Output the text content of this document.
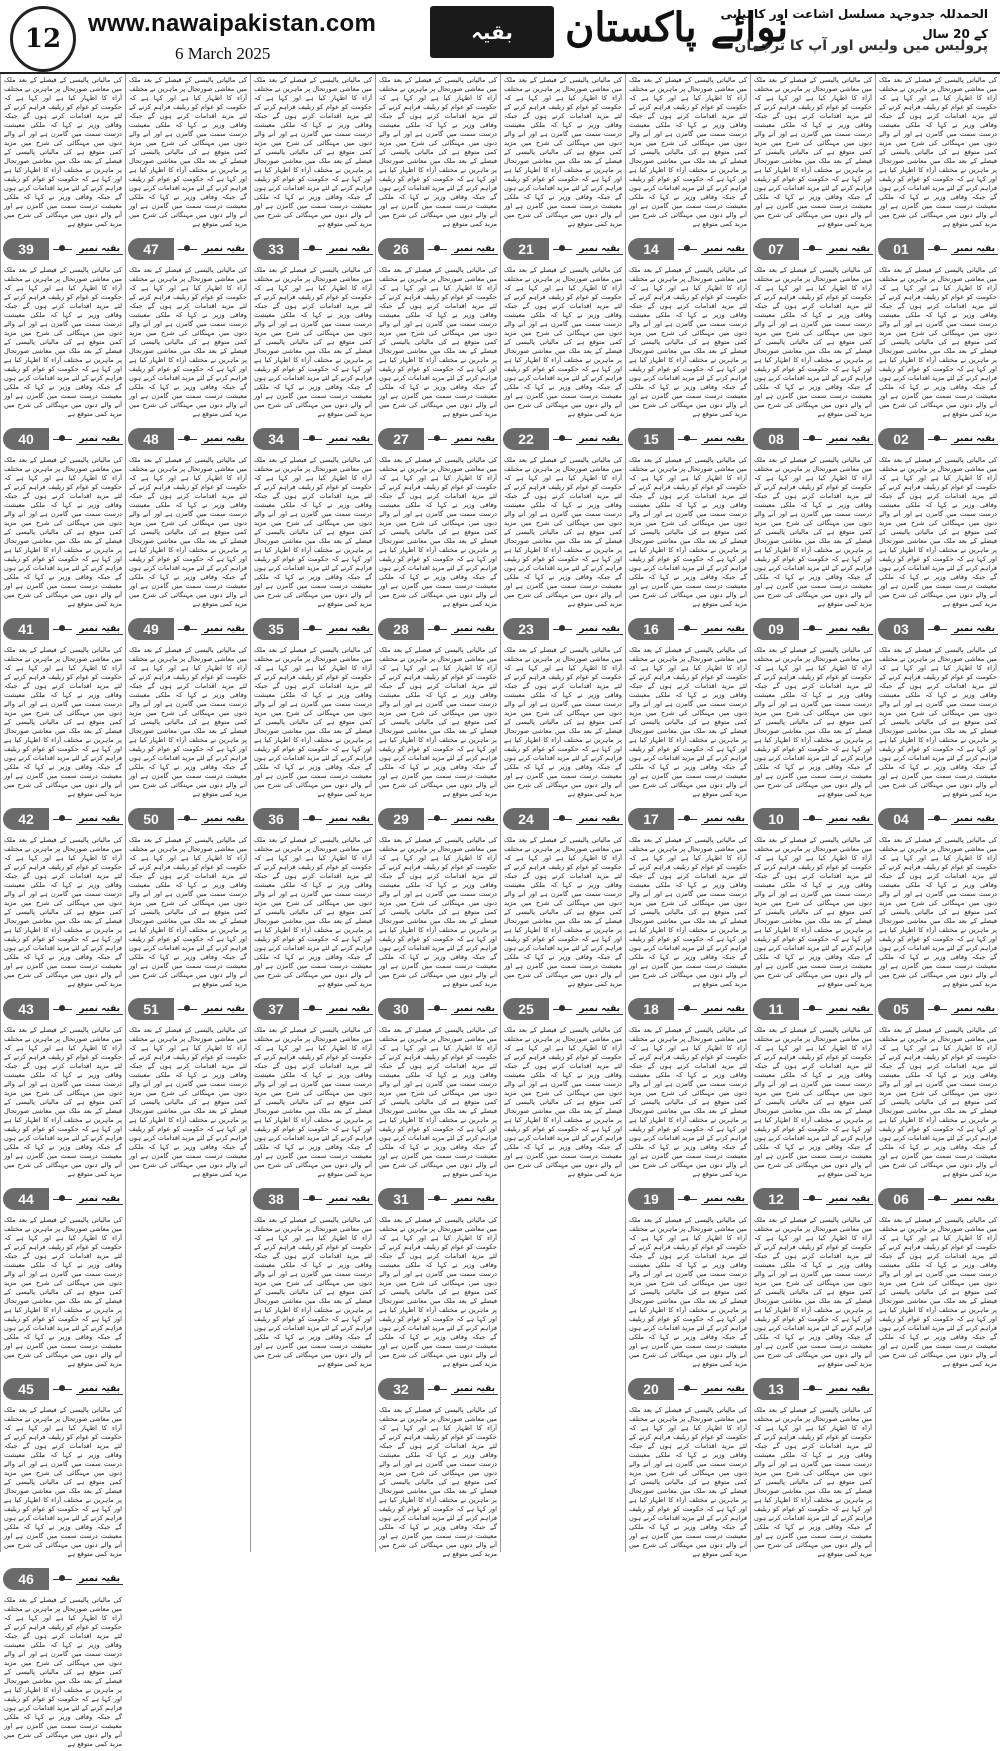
12
www.nawaipakistan.com
6 March 2025
بقیہ	نوائے پاکستان
الحمدللہ جدوجہد مسلسل اشاعت اور کامیابی کے 20 سال
پرولیس میں ولیس اور آپ کا ترجمان
کی مالیاتی پالیسی کے فیصلے کے بعد ملک میں معاشی صورتحال پر ماہرین نے مختلف آراء کا اظہار کیا ہے اور کہا ہے کہ حکومت کو عوام کو ریلیف فراہم کرنے کے لئے مزید اقدامات کرنے ہوں گے جبکہ وفاقی وزیر نے کہا کہ ملکی معیشت درست سمت میں گامزن ہے اور آنے والے دنوں میں مہنگائی کی شرح میں مزید کمی متوقع ہے کی مالیاتی پالیسی کے فیصلے کے بعد ملک میں معاشی صورتحال پر ماہرین نے مختلف آراء کا اظہار کیا ہے اور کہا ہے کہ حکومت کو عوام کو ریلیف فراہم کرنے کے لئے مزید اقدامات کرنے ہوں گے جبکہ وفاقی وزیر نے کہا کہ ملکی معیشت درست سمت میں گامزن ہے اور آنے والے دنوں میں مہنگائی کی شرح میں مزید کمی متوقع ہے
39	بقیہ نمبر
کی مالیاتی پالیسی کے فیصلے کے بعد ملک میں معاشی صورتحال پر ماہرین نے مختلف آراء کا اظہار کیا ہے اور کہا ہے کہ حکومت کو عوام کو ریلیف فراہم کرنے کے لئے مزید اقدامات کرنے ہوں گے جبکہ وفاقی وزیر نے کہا کہ ملکی معیشت درست سمت میں گامزن ہے اور آنے والے دنوں میں مہنگائی کی شرح میں مزید کمی متوقع ہے کی مالیاتی پالیسی کے فیصلے کے بعد ملک میں معاشی صورتحال پر ماہرین نے مختلف آراء کا اظہار کیا ہے اور کہا ہے کہ حکومت کو عوام کو ریلیف فراہم کرنے کے لئے مزید اقدامات کرنے ہوں گے جبکہ وفاقی وزیر نے کہا کہ ملکی معیشت درست سمت میں گامزن ہے اور آنے والے دنوں میں مہنگائی کی شرح میں مزید کمی متوقع ہے
40	بقیہ نمبر
کی مالیاتی پالیسی کے فیصلے کے بعد ملک میں معاشی صورتحال پر ماہرین نے مختلف آراء کا اظہار کیا ہے اور کہا ہے کہ حکومت کو عوام کو ریلیف فراہم کرنے کے لئے مزید اقدامات کرنے ہوں گے جبکہ وفاقی وزیر نے کہا کہ ملکی معیشت درست سمت میں گامزن ہے اور آنے والے دنوں میں مہنگائی کی شرح میں مزید کمی متوقع ہے کی مالیاتی پالیسی کے فیصلے کے بعد ملک میں معاشی صورتحال پر ماہرین نے مختلف آراء کا اظہار کیا ہے اور کہا ہے کہ حکومت کو عوام کو ریلیف فراہم کرنے کے لئے مزید اقدامات کرنے ہوں گے جبکہ وفاقی وزیر نے کہا کہ ملکی معیشت درست سمت میں گامزن ہے اور آنے والے دنوں میں مہنگائی کی شرح میں مزید کمی متوقع ہے
41	بقیہ نمبر
کی مالیاتی پالیسی کے فیصلے کے بعد ملک میں معاشی صورتحال پر ماہرین نے مختلف آراء کا اظہار کیا ہے اور کہا ہے کہ حکومت کو عوام کو ریلیف فراہم کرنے کے لئے مزید اقدامات کرنے ہوں گے جبکہ وفاقی وزیر نے کہا کہ ملکی معیشت درست سمت میں گامزن ہے اور آنے والے دنوں میں مہنگائی کی شرح میں مزید کمی متوقع ہے کی مالیاتی پالیسی کے فیصلے کے بعد ملک میں معاشی صورتحال پر ماہرین نے مختلف آراء کا اظہار کیا ہے اور کہا ہے کہ حکومت کو عوام کو ریلیف فراہم کرنے کے لئے مزید اقدامات کرنے ہوں گے جبکہ وفاقی وزیر نے کہا کہ ملکی معیشت درست سمت میں گامزن ہے اور آنے والے دنوں میں مہنگائی کی شرح میں مزید کمی متوقع ہے
42	بقیہ نمبر
کی مالیاتی پالیسی کے فیصلے کے بعد ملک میں معاشی صورتحال پر ماہرین نے مختلف آراء کا اظہار کیا ہے اور کہا ہے کہ حکومت کو عوام کو ریلیف فراہم کرنے کے لئے مزید اقدامات کرنے ہوں گے جبکہ وفاقی وزیر نے کہا کہ ملکی معیشت درست سمت میں گامزن ہے اور آنے والے دنوں میں مہنگائی کی شرح میں مزید کمی متوقع ہے کی مالیاتی پالیسی کے فیصلے کے بعد ملک میں معاشی صورتحال پر ماہرین نے مختلف آراء کا اظہار کیا ہے اور کہا ہے کہ حکومت کو عوام کو ریلیف فراہم کرنے کے لئے مزید اقدامات کرنے ہوں گے جبکہ وفاقی وزیر نے کہا کہ ملکی معیشت درست سمت میں گامزن ہے اور آنے والے دنوں میں مہنگائی کی شرح میں مزید کمی متوقع ہے
43	بقیہ نمبر
کی مالیاتی پالیسی کے فیصلے کے بعد ملک میں معاشی صورتحال پر ماہرین نے مختلف آراء کا اظہار کیا ہے اور کہا ہے کہ حکومت کو عوام کو ریلیف فراہم کرنے کے لئے مزید اقدامات کرنے ہوں گے جبکہ وفاقی وزیر نے کہا کہ ملکی معیشت درست سمت میں گامزن ہے اور آنے والے دنوں میں مہنگائی کی شرح میں مزید کمی متوقع ہے کی مالیاتی پالیسی کے فیصلے کے بعد ملک میں معاشی صورتحال پر ماہرین نے مختلف آراء کا اظہار کیا ہے اور کہا ہے کہ حکومت کو عوام کو ریلیف فراہم کرنے کے لئے مزید اقدامات کرنے ہوں گے جبکہ وفاقی وزیر نے کہا کہ ملکی معیشت درست سمت میں گامزن ہے اور آنے والے دنوں میں مہنگائی کی شرح میں مزید کمی متوقع ہے
44	بقیہ نمبر
کی مالیاتی پالیسی کے فیصلے کے بعد ملک میں معاشی صورتحال پر ماہرین نے مختلف آراء کا اظہار کیا ہے اور کہا ہے کہ حکومت کو عوام کو ریلیف فراہم کرنے کے لئے مزید اقدامات کرنے ہوں گے جبکہ وفاقی وزیر نے کہا کہ ملکی معیشت درست سمت میں گامزن ہے اور آنے والے دنوں میں مہنگائی کی شرح میں مزید کمی متوقع ہے کی مالیاتی پالیسی کے فیصلے کے بعد ملک میں معاشی صورتحال پر ماہرین نے مختلف آراء کا اظہار کیا ہے اور کہا ہے کہ حکومت کو عوام کو ریلیف فراہم کرنے کے لئے مزید اقدامات کرنے ہوں گے جبکہ وفاقی وزیر نے کہا کہ ملکی معیشت درست سمت میں گامزن ہے اور آنے والے دنوں میں مہنگائی کی شرح میں مزید کمی متوقع ہے
45	بقیہ نمبر
کی مالیاتی پالیسی کے فیصلے کے بعد ملک میں معاشی صورتحال پر ماہرین نے مختلف آراء کا اظہار کیا ہے اور کہا ہے کہ حکومت کو عوام کو ریلیف فراہم کرنے کے لئے مزید اقدامات کرنے ہوں گے جبکہ وفاقی وزیر نے کہا کہ ملکی معیشت درست سمت میں گامزن ہے اور آنے والے دنوں میں مہنگائی کی شرح میں مزید کمی متوقع ہے کی مالیاتی پالیسی کے فیصلے کے بعد ملک میں معاشی صورتحال پر ماہرین نے مختلف آراء کا اظہار کیا ہے اور کہا ہے کہ حکومت کو عوام کو ریلیف فراہم کرنے کے لئے مزید اقدامات کرنے ہوں گے جبکہ وفاقی وزیر نے کہا کہ ملکی معیشت درست سمت میں گامزن ہے اور آنے والے دنوں میں مہنگائی کی شرح میں مزید کمی متوقع ہے
46	بقیہ نمبر
کی مالیاتی پالیسی کے فیصلے کے بعد ملک میں معاشی صورتحال پر ماہرین نے مختلف آراء کا اظہار کیا ہے اور کہا ہے کہ حکومت کو عوام کو ریلیف فراہم کرنے کے لئے مزید اقدامات کرنے ہوں گے جبکہ وفاقی وزیر نے کہا کہ ملکی معیشت درست سمت میں گامزن ہے اور آنے والے دنوں میں مہنگائی کی شرح میں مزید کمی متوقع ہے کی مالیاتی پالیسی کے فیصلے کے بعد ملک میں معاشی صورتحال پر ماہرین نے مختلف آراء کا اظہار کیا ہے اور کہا ہے کہ حکومت کو عوام کو ریلیف فراہم کرنے کے لئے مزید اقدامات کرنے ہوں گے جبکہ وفاقی وزیر نے کہا کہ ملکی معیشت درست سمت میں گامزن ہے اور آنے والے دنوں میں مہنگائی کی شرح میں مزید کمی متوقع ہے
کی مالیاتی پالیسی کے فیصلے کے بعد ملک میں معاشی صورتحال پر ماہرین نے مختلف آراء کا اظہار کیا ہے اور کہا ہے کہ حکومت کو عوام کو ریلیف فراہم کرنے کے لئے مزید اقدامات کرنے ہوں گے جبکہ وفاقی وزیر نے کہا کہ ملکی معیشت درست سمت میں گامزن ہے اور آنے والے دنوں میں مہنگائی کی شرح میں مزید کمی متوقع ہے کی مالیاتی پالیسی کے فیصلے کے بعد ملک میں معاشی صورتحال پر ماہرین نے مختلف آراء کا اظہار کیا ہے اور کہا ہے کہ حکومت کو عوام کو ریلیف فراہم کرنے کے لئے مزید اقدامات کرنے ہوں گے جبکہ وفاقی وزیر نے کہا کہ ملکی معیشت درست سمت میں گامزن ہے اور آنے والے دنوں میں مہنگائی کی شرح میں مزید کمی متوقع ہے
47	بقیہ نمبر
کی مالیاتی پالیسی کے فیصلے کے بعد ملک میں معاشی صورتحال پر ماہرین نے مختلف آراء کا اظہار کیا ہے اور کہا ہے کہ حکومت کو عوام کو ریلیف فراہم کرنے کے لئے مزید اقدامات کرنے ہوں گے جبکہ وفاقی وزیر نے کہا کہ ملکی معیشت درست سمت میں گامزن ہے اور آنے والے دنوں میں مہنگائی کی شرح میں مزید کمی متوقع ہے کی مالیاتی پالیسی کے فیصلے کے بعد ملک میں معاشی صورتحال پر ماہرین نے مختلف آراء کا اظہار کیا ہے اور کہا ہے کہ حکومت کو عوام کو ریلیف فراہم کرنے کے لئے مزید اقدامات کرنے ہوں گے جبکہ وفاقی وزیر نے کہا کہ ملکی معیشت درست سمت میں گامزن ہے اور آنے والے دنوں میں مہنگائی کی شرح میں مزید کمی متوقع ہے
48	بقیہ نمبر
کی مالیاتی پالیسی کے فیصلے کے بعد ملک میں معاشی صورتحال پر ماہرین نے مختلف آراء کا اظہار کیا ہے اور کہا ہے کہ حکومت کو عوام کو ریلیف فراہم کرنے کے لئے مزید اقدامات کرنے ہوں گے جبکہ وفاقی وزیر نے کہا کہ ملکی معیشت درست سمت میں گامزن ہے اور آنے والے دنوں میں مہنگائی کی شرح میں مزید کمی متوقع ہے کی مالیاتی پالیسی کے فیصلے کے بعد ملک میں معاشی صورتحال پر ماہرین نے مختلف آراء کا اظہار کیا ہے اور کہا ہے کہ حکومت کو عوام کو ریلیف فراہم کرنے کے لئے مزید اقدامات کرنے ہوں گے جبکہ وفاقی وزیر نے کہا کہ ملکی معیشت درست سمت میں گامزن ہے اور آنے والے دنوں میں مہنگائی کی شرح میں مزید کمی متوقع ہے
49	بقیہ نمبر
کی مالیاتی پالیسی کے فیصلے کے بعد ملک میں معاشی صورتحال پر ماہرین نے مختلف آراء کا اظہار کیا ہے اور کہا ہے کہ حکومت کو عوام کو ریلیف فراہم کرنے کے لئے مزید اقدامات کرنے ہوں گے جبکہ وفاقی وزیر نے کہا کہ ملکی معیشت درست سمت میں گامزن ہے اور آنے والے دنوں میں مہنگائی کی شرح میں مزید کمی متوقع ہے کی مالیاتی پالیسی کے فیصلے کے بعد ملک میں معاشی صورتحال پر ماہرین نے مختلف آراء کا اظہار کیا ہے اور کہا ہے کہ حکومت کو عوام کو ریلیف فراہم کرنے کے لئے مزید اقدامات کرنے ہوں گے جبکہ وفاقی وزیر نے کہا کہ ملکی معیشت درست سمت میں گامزن ہے اور آنے والے دنوں میں مہنگائی کی شرح میں مزید کمی متوقع ہے
50	بقیہ نمبر
کی مالیاتی پالیسی کے فیصلے کے بعد ملک میں معاشی صورتحال پر ماہرین نے مختلف آراء کا اظہار کیا ہے اور کہا ہے کہ حکومت کو عوام کو ریلیف فراہم کرنے کے لئے مزید اقدامات کرنے ہوں گے جبکہ وفاقی وزیر نے کہا کہ ملکی معیشت درست سمت میں گامزن ہے اور آنے والے دنوں میں مہنگائی کی شرح میں مزید کمی متوقع ہے کی مالیاتی پالیسی کے فیصلے کے بعد ملک میں معاشی صورتحال پر ماہرین نے مختلف آراء کا اظہار کیا ہے اور کہا ہے کہ حکومت کو عوام کو ریلیف فراہم کرنے کے لئے مزید اقدامات کرنے ہوں گے جبکہ وفاقی وزیر نے کہا کہ ملکی معیشت درست سمت میں گامزن ہے اور آنے والے دنوں میں مہنگائی کی شرح میں مزید کمی متوقع ہے
51	بقیہ نمبر
کی مالیاتی پالیسی کے فیصلے کے بعد ملک میں معاشی صورتحال پر ماہرین نے مختلف آراء کا اظہار کیا ہے اور کہا ہے کہ حکومت کو عوام کو ریلیف فراہم کرنے کے لئے مزید اقدامات کرنے ہوں گے جبکہ وفاقی وزیر نے کہا کہ ملکی معیشت درست سمت میں گامزن ہے اور آنے والے دنوں میں مہنگائی کی شرح میں مزید کمی متوقع ہے کی مالیاتی پالیسی کے فیصلے کے بعد ملک میں معاشی صورتحال پر ماہرین نے مختلف آراء کا اظہار کیا ہے اور کہا ہے کہ حکومت کو عوام کو ریلیف فراہم کرنے کے لئے مزید اقدامات کرنے ہوں گے جبکہ وفاقی وزیر نے کہا کہ ملکی معیشت درست سمت میں گامزن ہے اور آنے والے دنوں میں مہنگائی کی شرح میں مزید کمی متوقع ہے
کی مالیاتی پالیسی کے فیصلے کے بعد ملک میں معاشی صورتحال پر ماہرین نے مختلف آراء کا اظہار کیا ہے اور کہا ہے کہ حکومت کو عوام کو ریلیف فراہم کرنے کے لئے مزید اقدامات کرنے ہوں گے جبکہ وفاقی وزیر نے کہا کہ ملکی معیشت درست سمت میں گامزن ہے اور آنے والے دنوں میں مہنگائی کی شرح میں مزید کمی متوقع ہے کی مالیاتی پالیسی کے فیصلے کے بعد ملک میں معاشی صورتحال پر ماہرین نے مختلف آراء کا اظہار کیا ہے اور کہا ہے کہ حکومت کو عوام کو ریلیف فراہم کرنے کے لئے مزید اقدامات کرنے ہوں گے جبکہ وفاقی وزیر نے کہا کہ ملکی معیشت درست سمت میں گامزن ہے اور آنے والے دنوں میں مہنگائی کی شرح میں مزید کمی متوقع ہے
33	بقیہ نمبر
کی مالیاتی پالیسی کے فیصلے کے بعد ملک میں معاشی صورتحال پر ماہرین نے مختلف آراء کا اظہار کیا ہے اور کہا ہے کہ حکومت کو عوام کو ریلیف فراہم کرنے کے لئے مزید اقدامات کرنے ہوں گے جبکہ وفاقی وزیر نے کہا کہ ملکی معیشت درست سمت میں گامزن ہے اور آنے والے دنوں میں مہنگائی کی شرح میں مزید کمی متوقع ہے کی مالیاتی پالیسی کے فیصلے کے بعد ملک میں معاشی صورتحال پر ماہرین نے مختلف آراء کا اظہار کیا ہے اور کہا ہے کہ حکومت کو عوام کو ریلیف فراہم کرنے کے لئے مزید اقدامات کرنے ہوں گے جبکہ وفاقی وزیر نے کہا کہ ملکی معیشت درست سمت میں گامزن ہے اور آنے والے دنوں میں مہنگائی کی شرح میں مزید کمی متوقع ہے
34	بقیہ نمبر
کی مالیاتی پالیسی کے فیصلے کے بعد ملک میں معاشی صورتحال پر ماہرین نے مختلف آراء کا اظہار کیا ہے اور کہا ہے کہ حکومت کو عوام کو ریلیف فراہم کرنے کے لئے مزید اقدامات کرنے ہوں گے جبکہ وفاقی وزیر نے کہا کہ ملکی معیشت درست سمت میں گامزن ہے اور آنے والے دنوں میں مہنگائی کی شرح میں مزید کمی متوقع ہے کی مالیاتی پالیسی کے فیصلے کے بعد ملک میں معاشی صورتحال پر ماہرین نے مختلف آراء کا اظہار کیا ہے اور کہا ہے کہ حکومت کو عوام کو ریلیف فراہم کرنے کے لئے مزید اقدامات کرنے ہوں گے جبکہ وفاقی وزیر نے کہا کہ ملکی معیشت درست سمت میں گامزن ہے اور آنے والے دنوں میں مہنگائی کی شرح میں مزید کمی متوقع ہے
35	بقیہ نمبر
کی مالیاتی پالیسی کے فیصلے کے بعد ملک میں معاشی صورتحال پر ماہرین نے مختلف آراء کا اظہار کیا ہے اور کہا ہے کہ حکومت کو عوام کو ریلیف فراہم کرنے کے لئے مزید اقدامات کرنے ہوں گے جبکہ وفاقی وزیر نے کہا کہ ملکی معیشت درست سمت میں گامزن ہے اور آنے والے دنوں میں مہنگائی کی شرح میں مزید کمی متوقع ہے کی مالیاتی پالیسی کے فیصلے کے بعد ملک میں معاشی صورتحال پر ماہرین نے مختلف آراء کا اظہار کیا ہے اور کہا ہے کہ حکومت کو عوام کو ریلیف فراہم کرنے کے لئے مزید اقدامات کرنے ہوں گے جبکہ وفاقی وزیر نے کہا کہ ملکی معیشت درست سمت میں گامزن ہے اور آنے والے دنوں میں مہنگائی کی شرح میں مزید کمی متوقع ہے
36	بقیہ نمبر
کی مالیاتی پالیسی کے فیصلے کے بعد ملک میں معاشی صورتحال پر ماہرین نے مختلف آراء کا اظہار کیا ہے اور کہا ہے کہ حکومت کو عوام کو ریلیف فراہم کرنے کے لئے مزید اقدامات کرنے ہوں گے جبکہ وفاقی وزیر نے کہا کہ ملکی معیشت درست سمت میں گامزن ہے اور آنے والے دنوں میں مہنگائی کی شرح میں مزید کمی متوقع ہے کی مالیاتی پالیسی کے فیصلے کے بعد ملک میں معاشی صورتحال پر ماہرین نے مختلف آراء کا اظہار کیا ہے اور کہا ہے کہ حکومت کو عوام کو ریلیف فراہم کرنے کے لئے مزید اقدامات کرنے ہوں گے جبکہ وفاقی وزیر نے کہا کہ ملکی معیشت درست سمت میں گامزن ہے اور آنے والے دنوں میں مہنگائی کی شرح میں مزید کمی متوقع ہے
37	بقیہ نمبر
کی مالیاتی پالیسی کے فیصلے کے بعد ملک میں معاشی صورتحال پر ماہرین نے مختلف آراء کا اظہار کیا ہے اور کہا ہے کہ حکومت کو عوام کو ریلیف فراہم کرنے کے لئے مزید اقدامات کرنے ہوں گے جبکہ وفاقی وزیر نے کہا کہ ملکی معیشت درست سمت میں گامزن ہے اور آنے والے دنوں میں مہنگائی کی شرح میں مزید کمی متوقع ہے کی مالیاتی پالیسی کے فیصلے کے بعد ملک میں معاشی صورتحال پر ماہرین نے مختلف آراء کا اظہار کیا ہے اور کہا ہے کہ حکومت کو عوام کو ریلیف فراہم کرنے کے لئے مزید اقدامات کرنے ہوں گے جبکہ وفاقی وزیر نے کہا کہ ملکی معیشت درست سمت میں گامزن ہے اور آنے والے دنوں میں مہنگائی کی شرح میں مزید کمی متوقع ہے
38	بقیہ نمبر
کی مالیاتی پالیسی کے فیصلے کے بعد ملک میں معاشی صورتحال پر ماہرین نے مختلف آراء کا اظہار کیا ہے اور کہا ہے کہ حکومت کو عوام کو ریلیف فراہم کرنے کے لئے مزید اقدامات کرنے ہوں گے جبکہ وفاقی وزیر نے کہا کہ ملکی معیشت درست سمت میں گامزن ہے اور آنے والے دنوں میں مہنگائی کی شرح میں مزید کمی متوقع ہے کی مالیاتی پالیسی کے فیصلے کے بعد ملک میں معاشی صورتحال پر ماہرین نے مختلف آراء کا اظہار کیا ہے اور کہا ہے کہ حکومت کو عوام کو ریلیف فراہم کرنے کے لئے مزید اقدامات کرنے ہوں گے جبکہ وفاقی وزیر نے کہا کہ ملکی معیشت درست سمت میں گامزن ہے اور آنے والے دنوں میں مہنگائی کی شرح میں مزید کمی متوقع ہے
کی مالیاتی پالیسی کے فیصلے کے بعد ملک میں معاشی صورتحال پر ماہرین نے مختلف آراء کا اظہار کیا ہے اور کہا ہے کہ حکومت کو عوام کو ریلیف فراہم کرنے کے لئے مزید اقدامات کرنے ہوں گے جبکہ وفاقی وزیر نے کہا کہ ملکی معیشت درست سمت میں گامزن ہے اور آنے والے دنوں میں مہنگائی کی شرح میں مزید کمی متوقع ہے کی مالیاتی پالیسی کے فیصلے کے بعد ملک میں معاشی صورتحال پر ماہرین نے مختلف آراء کا اظہار کیا ہے اور کہا ہے کہ حکومت کو عوام کو ریلیف فراہم کرنے کے لئے مزید اقدامات کرنے ہوں گے جبکہ وفاقی وزیر نے کہا کہ ملکی معیشت درست سمت میں گامزن ہے اور آنے والے دنوں میں مہنگائی کی شرح میں مزید کمی متوقع ہے
26	بقیہ نمبر
کی مالیاتی پالیسی کے فیصلے کے بعد ملک میں معاشی صورتحال پر ماہرین نے مختلف آراء کا اظہار کیا ہے اور کہا ہے کہ حکومت کو عوام کو ریلیف فراہم کرنے کے لئے مزید اقدامات کرنے ہوں گے جبکہ وفاقی وزیر نے کہا کہ ملکی معیشت درست سمت میں گامزن ہے اور آنے والے دنوں میں مہنگائی کی شرح میں مزید کمی متوقع ہے کی مالیاتی پالیسی کے فیصلے کے بعد ملک میں معاشی صورتحال پر ماہرین نے مختلف آراء کا اظہار کیا ہے اور کہا ہے کہ حکومت کو عوام کو ریلیف فراہم کرنے کے لئے مزید اقدامات کرنے ہوں گے جبکہ وفاقی وزیر نے کہا کہ ملکی معیشت درست سمت میں گامزن ہے اور آنے والے دنوں میں مہنگائی کی شرح میں مزید کمی متوقع ہے
27	بقیہ نمبر
کی مالیاتی پالیسی کے فیصلے کے بعد ملک میں معاشی صورتحال پر ماہرین نے مختلف آراء کا اظہار کیا ہے اور کہا ہے کہ حکومت کو عوام کو ریلیف فراہم کرنے کے لئے مزید اقدامات کرنے ہوں گے جبکہ وفاقی وزیر نے کہا کہ ملکی معیشت درست سمت میں گامزن ہے اور آنے والے دنوں میں مہنگائی کی شرح میں مزید کمی متوقع ہے کی مالیاتی پالیسی کے فیصلے کے بعد ملک میں معاشی صورتحال پر ماہرین نے مختلف آراء کا اظہار کیا ہے اور کہا ہے کہ حکومت کو عوام کو ریلیف فراہم کرنے کے لئے مزید اقدامات کرنے ہوں گے جبکہ وفاقی وزیر نے کہا کہ ملکی معیشت درست سمت میں گامزن ہے اور آنے والے دنوں میں مہنگائی کی شرح میں مزید کمی متوقع ہے
28	بقیہ نمبر
کی مالیاتی پالیسی کے فیصلے کے بعد ملک میں معاشی صورتحال پر ماہرین نے مختلف آراء کا اظہار کیا ہے اور کہا ہے کہ حکومت کو عوام کو ریلیف فراہم کرنے کے لئے مزید اقدامات کرنے ہوں گے جبکہ وفاقی وزیر نے کہا کہ ملکی معیشت درست سمت میں گامزن ہے اور آنے والے دنوں میں مہنگائی کی شرح میں مزید کمی متوقع ہے کی مالیاتی پالیسی کے فیصلے کے بعد ملک میں معاشی صورتحال پر ماہرین نے مختلف آراء کا اظہار کیا ہے اور کہا ہے کہ حکومت کو عوام کو ریلیف فراہم کرنے کے لئے مزید اقدامات کرنے ہوں گے جبکہ وفاقی وزیر نے کہا کہ ملکی معیشت درست سمت میں گامزن ہے اور آنے والے دنوں میں مہنگائی کی شرح میں مزید کمی متوقع ہے
29	بقیہ نمبر
کی مالیاتی پالیسی کے فیصلے کے بعد ملک میں معاشی صورتحال پر ماہرین نے مختلف آراء کا اظہار کیا ہے اور کہا ہے کہ حکومت کو عوام کو ریلیف فراہم کرنے کے لئے مزید اقدامات کرنے ہوں گے جبکہ وفاقی وزیر نے کہا کہ ملکی معیشت درست سمت میں گامزن ہے اور آنے والے دنوں میں مہنگائی کی شرح میں مزید کمی متوقع ہے کی مالیاتی پالیسی کے فیصلے کے بعد ملک میں معاشی صورتحال پر ماہرین نے مختلف آراء کا اظہار کیا ہے اور کہا ہے کہ حکومت کو عوام کو ریلیف فراہم کرنے کے لئے مزید اقدامات کرنے ہوں گے جبکہ وفاقی وزیر نے کہا کہ ملکی معیشت درست سمت میں گامزن ہے اور آنے والے دنوں میں مہنگائی کی شرح میں مزید کمی متوقع ہے
30	بقیہ نمبر
کی مالیاتی پالیسی کے فیصلے کے بعد ملک میں معاشی صورتحال پر ماہرین نے مختلف آراء کا اظہار کیا ہے اور کہا ہے کہ حکومت کو عوام کو ریلیف فراہم کرنے کے لئے مزید اقدامات کرنے ہوں گے جبکہ وفاقی وزیر نے کہا کہ ملکی معیشت درست سمت میں گامزن ہے اور آنے والے دنوں میں مہنگائی کی شرح میں مزید کمی متوقع ہے کی مالیاتی پالیسی کے فیصلے کے بعد ملک میں معاشی صورتحال پر ماہرین نے مختلف آراء کا اظہار کیا ہے اور کہا ہے کہ حکومت کو عوام کو ریلیف فراہم کرنے کے لئے مزید اقدامات کرنے ہوں گے جبکہ وفاقی وزیر نے کہا کہ ملکی معیشت درست سمت میں گامزن ہے اور آنے والے دنوں میں مہنگائی کی شرح میں مزید کمی متوقع ہے
31	بقیہ نمبر
کی مالیاتی پالیسی کے فیصلے کے بعد ملک میں معاشی صورتحال پر ماہرین نے مختلف آراء کا اظہار کیا ہے اور کہا ہے کہ حکومت کو عوام کو ریلیف فراہم کرنے کے لئے مزید اقدامات کرنے ہوں گے جبکہ وفاقی وزیر نے کہا کہ ملکی معیشت درست سمت میں گامزن ہے اور آنے والے دنوں میں مہنگائی کی شرح میں مزید کمی متوقع ہے کی مالیاتی پالیسی کے فیصلے کے بعد ملک میں معاشی صورتحال پر ماہرین نے مختلف آراء کا اظہار کیا ہے اور کہا ہے کہ حکومت کو عوام کو ریلیف فراہم کرنے کے لئے مزید اقدامات کرنے ہوں گے جبکہ وفاقی وزیر نے کہا کہ ملکی معیشت درست سمت میں گامزن ہے اور آنے والے دنوں میں مہنگائی کی شرح میں مزید کمی متوقع ہے
32	بقیہ نمبر
کی مالیاتی پالیسی کے فیصلے کے بعد ملک میں معاشی صورتحال پر ماہرین نے مختلف آراء کا اظہار کیا ہے اور کہا ہے کہ حکومت کو عوام کو ریلیف فراہم کرنے کے لئے مزید اقدامات کرنے ہوں گے جبکہ وفاقی وزیر نے کہا کہ ملکی معیشت درست سمت میں گامزن ہے اور آنے والے دنوں میں مہنگائی کی شرح میں مزید کمی متوقع ہے کی مالیاتی پالیسی کے فیصلے کے بعد ملک میں معاشی صورتحال پر ماہرین نے مختلف آراء کا اظہار کیا ہے اور کہا ہے کہ حکومت کو عوام کو ریلیف فراہم کرنے کے لئے مزید اقدامات کرنے ہوں گے جبکہ وفاقی وزیر نے کہا کہ ملکی معیشت درست سمت میں گامزن ہے اور آنے والے دنوں میں مہنگائی کی شرح میں مزید کمی متوقع ہے
کی مالیاتی پالیسی کے فیصلے کے بعد ملک میں معاشی صورتحال پر ماہرین نے مختلف آراء کا اظہار کیا ہے اور کہا ہے کہ حکومت کو عوام کو ریلیف فراہم کرنے کے لئے مزید اقدامات کرنے ہوں گے جبکہ وفاقی وزیر نے کہا کہ ملکی معیشت درست سمت میں گامزن ہے اور آنے والے دنوں میں مہنگائی کی شرح میں مزید کمی متوقع ہے کی مالیاتی پالیسی کے فیصلے کے بعد ملک میں معاشی صورتحال پر ماہرین نے مختلف آراء کا اظہار کیا ہے اور کہا ہے کہ حکومت کو عوام کو ریلیف فراہم کرنے کے لئے مزید اقدامات کرنے ہوں گے جبکہ وفاقی وزیر نے کہا کہ ملکی معیشت درست سمت میں گامزن ہے اور آنے والے دنوں میں مہنگائی کی شرح میں مزید کمی متوقع ہے
21	بقیہ نمبر
کی مالیاتی پالیسی کے فیصلے کے بعد ملک میں معاشی صورتحال پر ماہرین نے مختلف آراء کا اظہار کیا ہے اور کہا ہے کہ حکومت کو عوام کو ریلیف فراہم کرنے کے لئے مزید اقدامات کرنے ہوں گے جبکہ وفاقی وزیر نے کہا کہ ملکی معیشت درست سمت میں گامزن ہے اور آنے والے دنوں میں مہنگائی کی شرح میں مزید کمی متوقع ہے کی مالیاتی پالیسی کے فیصلے کے بعد ملک میں معاشی صورتحال پر ماہرین نے مختلف آراء کا اظہار کیا ہے اور کہا ہے کہ حکومت کو عوام کو ریلیف فراہم کرنے کے لئے مزید اقدامات کرنے ہوں گے جبکہ وفاقی وزیر نے کہا کہ ملکی معیشت درست سمت میں گامزن ہے اور آنے والے دنوں میں مہنگائی کی شرح میں مزید کمی متوقع ہے
22	بقیہ نمبر
کی مالیاتی پالیسی کے فیصلے کے بعد ملک میں معاشی صورتحال پر ماہرین نے مختلف آراء کا اظہار کیا ہے اور کہا ہے کہ حکومت کو عوام کو ریلیف فراہم کرنے کے لئے مزید اقدامات کرنے ہوں گے جبکہ وفاقی وزیر نے کہا کہ ملکی معیشت درست سمت میں گامزن ہے اور آنے والے دنوں میں مہنگائی کی شرح میں مزید کمی متوقع ہے کی مالیاتی پالیسی کے فیصلے کے بعد ملک میں معاشی صورتحال پر ماہرین نے مختلف آراء کا اظہار کیا ہے اور کہا ہے کہ حکومت کو عوام کو ریلیف فراہم کرنے کے لئے مزید اقدامات کرنے ہوں گے جبکہ وفاقی وزیر نے کہا کہ ملکی معیشت درست سمت میں گامزن ہے اور آنے والے دنوں میں مہنگائی کی شرح میں مزید کمی متوقع ہے
23	بقیہ نمبر
کی مالیاتی پالیسی کے فیصلے کے بعد ملک میں معاشی صورتحال پر ماہرین نے مختلف آراء کا اظہار کیا ہے اور کہا ہے کہ حکومت کو عوام کو ریلیف فراہم کرنے کے لئے مزید اقدامات کرنے ہوں گے جبکہ وفاقی وزیر نے کہا کہ ملکی معیشت درست سمت میں گامزن ہے اور آنے والے دنوں میں مہنگائی کی شرح میں مزید کمی متوقع ہے کی مالیاتی پالیسی کے فیصلے کے بعد ملک میں معاشی صورتحال پر ماہرین نے مختلف آراء کا اظہار کیا ہے اور کہا ہے کہ حکومت کو عوام کو ریلیف فراہم کرنے کے لئے مزید اقدامات کرنے ہوں گے جبکہ وفاقی وزیر نے کہا کہ ملکی معیشت درست سمت میں گامزن ہے اور آنے والے دنوں میں مہنگائی کی شرح میں مزید کمی متوقع ہے
24	بقیہ نمبر
کی مالیاتی پالیسی کے فیصلے کے بعد ملک میں معاشی صورتحال پر ماہرین نے مختلف آراء کا اظہار کیا ہے اور کہا ہے کہ حکومت کو عوام کو ریلیف فراہم کرنے کے لئے مزید اقدامات کرنے ہوں گے جبکہ وفاقی وزیر نے کہا کہ ملکی معیشت درست سمت میں گامزن ہے اور آنے والے دنوں میں مہنگائی کی شرح میں مزید کمی متوقع ہے کی مالیاتی پالیسی کے فیصلے کے بعد ملک میں معاشی صورتحال پر ماہرین نے مختلف آراء کا اظہار کیا ہے اور کہا ہے کہ حکومت کو عوام کو ریلیف فراہم کرنے کے لئے مزید اقدامات کرنے ہوں گے جبکہ وفاقی وزیر نے کہا کہ ملکی معیشت درست سمت میں گامزن ہے اور آنے والے دنوں میں مہنگائی کی شرح میں مزید کمی متوقع ہے
25	بقیہ نمبر
کی مالیاتی پالیسی کے فیصلے کے بعد ملک میں معاشی صورتحال پر ماہرین نے مختلف آراء کا اظہار کیا ہے اور کہا ہے کہ حکومت کو عوام کو ریلیف فراہم کرنے کے لئے مزید اقدامات کرنے ہوں گے جبکہ وفاقی وزیر نے کہا کہ ملکی معیشت درست سمت میں گامزن ہے اور آنے والے دنوں میں مہنگائی کی شرح میں مزید کمی متوقع ہے کی مالیاتی پالیسی کے فیصلے کے بعد ملک میں معاشی صورتحال پر ماہرین نے مختلف آراء کا اظہار کیا ہے اور کہا ہے کہ حکومت کو عوام کو ریلیف فراہم کرنے کے لئے مزید اقدامات کرنے ہوں گے جبکہ وفاقی وزیر نے کہا کہ ملکی معیشت درست سمت میں گامزن ہے اور آنے والے دنوں میں مہنگائی کی شرح میں مزید کمی متوقع ہے
کی مالیاتی پالیسی کے فیصلے کے بعد ملک میں معاشی صورتحال پر ماہرین نے مختلف آراء کا اظہار کیا ہے اور کہا ہے کہ حکومت کو عوام کو ریلیف فراہم کرنے کے لئے مزید اقدامات کرنے ہوں گے جبکہ وفاقی وزیر نے کہا کہ ملکی معیشت درست سمت میں گامزن ہے اور آنے والے دنوں میں مہنگائی کی شرح میں مزید کمی متوقع ہے کی مالیاتی پالیسی کے فیصلے کے بعد ملک میں معاشی صورتحال پر ماہرین نے مختلف آراء کا اظہار کیا ہے اور کہا ہے کہ حکومت کو عوام کو ریلیف فراہم کرنے کے لئے مزید اقدامات کرنے ہوں گے جبکہ وفاقی وزیر نے کہا کہ ملکی معیشت درست سمت میں گامزن ہے اور آنے والے دنوں میں مہنگائی کی شرح میں مزید کمی متوقع ہے
14	بقیہ نمبر
کی مالیاتی پالیسی کے فیصلے کے بعد ملک میں معاشی صورتحال پر ماہرین نے مختلف آراء کا اظہار کیا ہے اور کہا ہے کہ حکومت کو عوام کو ریلیف فراہم کرنے کے لئے مزید اقدامات کرنے ہوں گے جبکہ وفاقی وزیر نے کہا کہ ملکی معیشت درست سمت میں گامزن ہے اور آنے والے دنوں میں مہنگائی کی شرح میں مزید کمی متوقع ہے کی مالیاتی پالیسی کے فیصلے کے بعد ملک میں معاشی صورتحال پر ماہرین نے مختلف آراء کا اظہار کیا ہے اور کہا ہے کہ حکومت کو عوام کو ریلیف فراہم کرنے کے لئے مزید اقدامات کرنے ہوں گے جبکہ وفاقی وزیر نے کہا کہ ملکی معیشت درست سمت میں گامزن ہے اور آنے والے دنوں میں مہنگائی کی شرح میں مزید کمی متوقع ہے
15	بقیہ نمبر
کی مالیاتی پالیسی کے فیصلے کے بعد ملک میں معاشی صورتحال پر ماہرین نے مختلف آراء کا اظہار کیا ہے اور کہا ہے کہ حکومت کو عوام کو ریلیف فراہم کرنے کے لئے مزید اقدامات کرنے ہوں گے جبکہ وفاقی وزیر نے کہا کہ ملکی معیشت درست سمت میں گامزن ہے اور آنے والے دنوں میں مہنگائی کی شرح میں مزید کمی متوقع ہے کی مالیاتی پالیسی کے فیصلے کے بعد ملک میں معاشی صورتحال پر ماہرین نے مختلف آراء کا اظہار کیا ہے اور کہا ہے کہ حکومت کو عوام کو ریلیف فراہم کرنے کے لئے مزید اقدامات کرنے ہوں گے جبکہ وفاقی وزیر نے کہا کہ ملکی معیشت درست سمت میں گامزن ہے اور آنے والے دنوں میں مہنگائی کی شرح میں مزید کمی متوقع ہے
16	بقیہ نمبر
کی مالیاتی پالیسی کے فیصلے کے بعد ملک میں معاشی صورتحال پر ماہرین نے مختلف آراء کا اظہار کیا ہے اور کہا ہے کہ حکومت کو عوام کو ریلیف فراہم کرنے کے لئے مزید اقدامات کرنے ہوں گے جبکہ وفاقی وزیر نے کہا کہ ملکی معیشت درست سمت میں گامزن ہے اور آنے والے دنوں میں مہنگائی کی شرح میں مزید کمی متوقع ہے کی مالیاتی پالیسی کے فیصلے کے بعد ملک میں معاشی صورتحال پر ماہرین نے مختلف آراء کا اظہار کیا ہے اور کہا ہے کہ حکومت کو عوام کو ریلیف فراہم کرنے کے لئے مزید اقدامات کرنے ہوں گے جبکہ وفاقی وزیر نے کہا کہ ملکی معیشت درست سمت میں گامزن ہے اور آنے والے دنوں میں مہنگائی کی شرح میں مزید کمی متوقع ہے
17	بقیہ نمبر
کی مالیاتی پالیسی کے فیصلے کے بعد ملک میں معاشی صورتحال پر ماہرین نے مختلف آراء کا اظہار کیا ہے اور کہا ہے کہ حکومت کو عوام کو ریلیف فراہم کرنے کے لئے مزید اقدامات کرنے ہوں گے جبکہ وفاقی وزیر نے کہا کہ ملکی معیشت درست سمت میں گامزن ہے اور آنے والے دنوں میں مہنگائی کی شرح میں مزید کمی متوقع ہے کی مالیاتی پالیسی کے فیصلے کے بعد ملک میں معاشی صورتحال پر ماہرین نے مختلف آراء کا اظہار کیا ہے اور کہا ہے کہ حکومت کو عوام کو ریلیف فراہم کرنے کے لئے مزید اقدامات کرنے ہوں گے جبکہ وفاقی وزیر نے کہا کہ ملکی معیشت درست سمت میں گامزن ہے اور آنے والے دنوں میں مہنگائی کی شرح میں مزید کمی متوقع ہے
18	بقیہ نمبر
کی مالیاتی پالیسی کے فیصلے کے بعد ملک میں معاشی صورتحال پر ماہرین نے مختلف آراء کا اظہار کیا ہے اور کہا ہے کہ حکومت کو عوام کو ریلیف فراہم کرنے کے لئے مزید اقدامات کرنے ہوں گے جبکہ وفاقی وزیر نے کہا کہ ملکی معیشت درست سمت میں گامزن ہے اور آنے والے دنوں میں مہنگائی کی شرح میں مزید کمی متوقع ہے کی مالیاتی پالیسی کے فیصلے کے بعد ملک میں معاشی صورتحال پر ماہرین نے مختلف آراء کا اظہار کیا ہے اور کہا ہے کہ حکومت کو عوام کو ریلیف فراہم کرنے کے لئے مزید اقدامات کرنے ہوں گے جبکہ وفاقی وزیر نے کہا کہ ملکی معیشت درست سمت میں گامزن ہے اور آنے والے دنوں میں مہنگائی کی شرح میں مزید کمی متوقع ہے
19	بقیہ نمبر
کی مالیاتی پالیسی کے فیصلے کے بعد ملک میں معاشی صورتحال پر ماہرین نے مختلف آراء کا اظہار کیا ہے اور کہا ہے کہ حکومت کو عوام کو ریلیف فراہم کرنے کے لئے مزید اقدامات کرنے ہوں گے جبکہ وفاقی وزیر نے کہا کہ ملکی معیشت درست سمت میں گامزن ہے اور آنے والے دنوں میں مہنگائی کی شرح میں مزید کمی متوقع ہے کی مالیاتی پالیسی کے فیصلے کے بعد ملک میں معاشی صورتحال پر ماہرین نے مختلف آراء کا اظہار کیا ہے اور کہا ہے کہ حکومت کو عوام کو ریلیف فراہم کرنے کے لئے مزید اقدامات کرنے ہوں گے جبکہ وفاقی وزیر نے کہا کہ ملکی معیشت درست سمت میں گامزن ہے اور آنے والے دنوں میں مہنگائی کی شرح میں مزید کمی متوقع ہے
20	بقیہ نمبر
کی مالیاتی پالیسی کے فیصلے کے بعد ملک میں معاشی صورتحال پر ماہرین نے مختلف آراء کا اظہار کیا ہے اور کہا ہے کہ حکومت کو عوام کو ریلیف فراہم کرنے کے لئے مزید اقدامات کرنے ہوں گے جبکہ وفاقی وزیر نے کہا کہ ملکی معیشت درست سمت میں گامزن ہے اور آنے والے دنوں میں مہنگائی کی شرح میں مزید کمی متوقع ہے کی مالیاتی پالیسی کے فیصلے کے بعد ملک میں معاشی صورتحال پر ماہرین نے مختلف آراء کا اظہار کیا ہے اور کہا ہے کہ حکومت کو عوام کو ریلیف فراہم کرنے کے لئے مزید اقدامات کرنے ہوں گے جبکہ وفاقی وزیر نے کہا کہ ملکی معیشت درست سمت میں گامزن ہے اور آنے والے دنوں میں مہنگائی کی شرح میں مزید کمی متوقع ہے
کی مالیاتی پالیسی کے فیصلے کے بعد ملک میں معاشی صورتحال پر ماہرین نے مختلف آراء کا اظہار کیا ہے اور کہا ہے کہ حکومت کو عوام کو ریلیف فراہم کرنے کے لئے مزید اقدامات کرنے ہوں گے جبکہ وفاقی وزیر نے کہا کہ ملکی معیشت درست سمت میں گامزن ہے اور آنے والے دنوں میں مہنگائی کی شرح میں مزید کمی متوقع ہے کی مالیاتی پالیسی کے فیصلے کے بعد ملک میں معاشی صورتحال پر ماہرین نے مختلف آراء کا اظہار کیا ہے اور کہا ہے کہ حکومت کو عوام کو ریلیف فراہم کرنے کے لئے مزید اقدامات کرنے ہوں گے جبکہ وفاقی وزیر نے کہا کہ ملکی معیشت درست سمت میں گامزن ہے اور آنے والے دنوں میں مہنگائی کی شرح میں مزید کمی متوقع ہے
07	بقیہ نمبر
کی مالیاتی پالیسی کے فیصلے کے بعد ملک میں معاشی صورتحال پر ماہرین نے مختلف آراء کا اظہار کیا ہے اور کہا ہے کہ حکومت کو عوام کو ریلیف فراہم کرنے کے لئے مزید اقدامات کرنے ہوں گے جبکہ وفاقی وزیر نے کہا کہ ملکی معیشت درست سمت میں گامزن ہے اور آنے والے دنوں میں مہنگائی کی شرح میں مزید کمی متوقع ہے کی مالیاتی پالیسی کے فیصلے کے بعد ملک میں معاشی صورتحال پر ماہرین نے مختلف آراء کا اظہار کیا ہے اور کہا ہے کہ حکومت کو عوام کو ریلیف فراہم کرنے کے لئے مزید اقدامات کرنے ہوں گے جبکہ وفاقی وزیر نے کہا کہ ملکی معیشت درست سمت میں گامزن ہے اور آنے والے دنوں میں مہنگائی کی شرح میں مزید کمی متوقع ہے
08	بقیہ نمبر
کی مالیاتی پالیسی کے فیصلے کے بعد ملک میں معاشی صورتحال پر ماہرین نے مختلف آراء کا اظہار کیا ہے اور کہا ہے کہ حکومت کو عوام کو ریلیف فراہم کرنے کے لئے مزید اقدامات کرنے ہوں گے جبکہ وفاقی وزیر نے کہا کہ ملکی معیشت درست سمت میں گامزن ہے اور آنے والے دنوں میں مہنگائی کی شرح میں مزید کمی متوقع ہے کی مالیاتی پالیسی کے فیصلے کے بعد ملک میں معاشی صورتحال پر ماہرین نے مختلف آراء کا اظہار کیا ہے اور کہا ہے کہ حکومت کو عوام کو ریلیف فراہم کرنے کے لئے مزید اقدامات کرنے ہوں گے جبکہ وفاقی وزیر نے کہا کہ ملکی معیشت درست سمت میں گامزن ہے اور آنے والے دنوں میں مہنگائی کی شرح میں مزید کمی متوقع ہے
09	بقیہ نمبر
کی مالیاتی پالیسی کے فیصلے کے بعد ملک میں معاشی صورتحال پر ماہرین نے مختلف آراء کا اظہار کیا ہے اور کہا ہے کہ حکومت کو عوام کو ریلیف فراہم کرنے کے لئے مزید اقدامات کرنے ہوں گے جبکہ وفاقی وزیر نے کہا کہ ملکی معیشت درست سمت میں گامزن ہے اور آنے والے دنوں میں مہنگائی کی شرح میں مزید کمی متوقع ہے کی مالیاتی پالیسی کے فیصلے کے بعد ملک میں معاشی صورتحال پر ماہرین نے مختلف آراء کا اظہار کیا ہے اور کہا ہے کہ حکومت کو عوام کو ریلیف فراہم کرنے کے لئے مزید اقدامات کرنے ہوں گے جبکہ وفاقی وزیر نے کہا کہ ملکی معیشت درست سمت میں گامزن ہے اور آنے والے دنوں میں مہنگائی کی شرح میں مزید کمی متوقع ہے
10	بقیہ نمبر
کی مالیاتی پالیسی کے فیصلے کے بعد ملک میں معاشی صورتحال پر ماہرین نے مختلف آراء کا اظہار کیا ہے اور کہا ہے کہ حکومت کو عوام کو ریلیف فراہم کرنے کے لئے مزید اقدامات کرنے ہوں گے جبکہ وفاقی وزیر نے کہا کہ ملکی معیشت درست سمت میں گامزن ہے اور آنے والے دنوں میں مہنگائی کی شرح میں مزید کمی متوقع ہے کی مالیاتی پالیسی کے فیصلے کے بعد ملک میں معاشی صورتحال پر ماہرین نے مختلف آراء کا اظہار کیا ہے اور کہا ہے کہ حکومت کو عوام کو ریلیف فراہم کرنے کے لئے مزید اقدامات کرنے ہوں گے جبکہ وفاقی وزیر نے کہا کہ ملکی معیشت درست سمت میں گامزن ہے اور آنے والے دنوں میں مہنگائی کی شرح میں مزید کمی متوقع ہے
11	بقیہ نمبر
کی مالیاتی پالیسی کے فیصلے کے بعد ملک میں معاشی صورتحال پر ماہرین نے مختلف آراء کا اظہار کیا ہے اور کہا ہے کہ حکومت کو عوام کو ریلیف فراہم کرنے کے لئے مزید اقدامات کرنے ہوں گے جبکہ وفاقی وزیر نے کہا کہ ملکی معیشت درست سمت میں گامزن ہے اور آنے والے دنوں میں مہنگائی کی شرح میں مزید کمی متوقع ہے کی مالیاتی پالیسی کے فیصلے کے بعد ملک میں معاشی صورتحال پر ماہرین نے مختلف آراء کا اظہار کیا ہے اور کہا ہے کہ حکومت کو عوام کو ریلیف فراہم کرنے کے لئے مزید اقدامات کرنے ہوں گے جبکہ وفاقی وزیر نے کہا کہ ملکی معیشت درست سمت میں گامزن ہے اور آنے والے دنوں میں مہنگائی کی شرح میں مزید کمی متوقع ہے
12	بقیہ نمبر
کی مالیاتی پالیسی کے فیصلے کے بعد ملک میں معاشی صورتحال پر ماہرین نے مختلف آراء کا اظہار کیا ہے اور کہا ہے کہ حکومت کو عوام کو ریلیف فراہم کرنے کے لئے مزید اقدامات کرنے ہوں گے جبکہ وفاقی وزیر نے کہا کہ ملکی معیشت درست سمت میں گامزن ہے اور آنے والے دنوں میں مہنگائی کی شرح میں مزید کمی متوقع ہے کی مالیاتی پالیسی کے فیصلے کے بعد ملک میں معاشی صورتحال پر ماہرین نے مختلف آراء کا اظہار کیا ہے اور کہا ہے کہ حکومت کو عوام کو ریلیف فراہم کرنے کے لئے مزید اقدامات کرنے ہوں گے جبکہ وفاقی وزیر نے کہا کہ ملکی معیشت درست سمت میں گامزن ہے اور آنے والے دنوں میں مہنگائی کی شرح میں مزید کمی متوقع ہے
13	بقیہ نمبر
کی مالیاتی پالیسی کے فیصلے کے بعد ملک میں معاشی صورتحال پر ماہرین نے مختلف آراء کا اظہار کیا ہے اور کہا ہے کہ حکومت کو عوام کو ریلیف فراہم کرنے کے لئے مزید اقدامات کرنے ہوں گے جبکہ وفاقی وزیر نے کہا کہ ملکی معیشت درست سمت میں گامزن ہے اور آنے والے دنوں میں مہنگائی کی شرح میں مزید کمی متوقع ہے کی مالیاتی پالیسی کے فیصلے کے بعد ملک میں معاشی صورتحال پر ماہرین نے مختلف آراء کا اظہار کیا ہے اور کہا ہے کہ حکومت کو عوام کو ریلیف فراہم کرنے کے لئے مزید اقدامات کرنے ہوں گے جبکہ وفاقی وزیر نے کہا کہ ملکی معیشت درست سمت میں گامزن ہے اور آنے والے دنوں میں مہنگائی کی شرح میں مزید کمی متوقع ہے
کی مالیاتی پالیسی کے فیصلے کے بعد ملک میں معاشی صورتحال پر ماہرین نے مختلف آراء کا اظہار کیا ہے اور کہا ہے کہ حکومت کو عوام کو ریلیف فراہم کرنے کے لئے مزید اقدامات کرنے ہوں گے جبکہ وفاقی وزیر نے کہا کہ ملکی معیشت درست سمت میں گامزن ہے اور آنے والے دنوں میں مہنگائی کی شرح میں مزید کمی متوقع ہے کی مالیاتی پالیسی کے فیصلے کے بعد ملک میں معاشی صورتحال پر ماہرین نے مختلف آراء کا اظہار کیا ہے اور کہا ہے کہ حکومت کو عوام کو ریلیف فراہم کرنے کے لئے مزید اقدامات کرنے ہوں گے جبکہ وفاقی وزیر نے کہا کہ ملکی معیشت درست سمت میں گامزن ہے اور آنے والے دنوں میں مہنگائی کی شرح میں مزید کمی متوقع ہے
01	بقیہ نمبر
کی مالیاتی پالیسی کے فیصلے کے بعد ملک میں معاشی صورتحال پر ماہرین نے مختلف آراء کا اظہار کیا ہے اور کہا ہے کہ حکومت کو عوام کو ریلیف فراہم کرنے کے لئے مزید اقدامات کرنے ہوں گے جبکہ وفاقی وزیر نے کہا کہ ملکی معیشت درست سمت میں گامزن ہے اور آنے والے دنوں میں مہنگائی کی شرح میں مزید کمی متوقع ہے کی مالیاتی پالیسی کے فیصلے کے بعد ملک میں معاشی صورتحال پر ماہرین نے مختلف آراء کا اظہار کیا ہے اور کہا ہے کہ حکومت کو عوام کو ریلیف فراہم کرنے کے لئے مزید اقدامات کرنے ہوں گے جبکہ وفاقی وزیر نے کہا کہ ملکی معیشت درست سمت میں گامزن ہے اور آنے والے دنوں میں مہنگائی کی شرح میں مزید کمی متوقع ہے
02	بقیہ نمبر
کی مالیاتی پالیسی کے فیصلے کے بعد ملک میں معاشی صورتحال پر ماہرین نے مختلف آراء کا اظہار کیا ہے اور کہا ہے کہ حکومت کو عوام کو ریلیف فراہم کرنے کے لئے مزید اقدامات کرنے ہوں گے جبکہ وفاقی وزیر نے کہا کہ ملکی معیشت درست سمت میں گامزن ہے اور آنے والے دنوں میں مہنگائی کی شرح میں مزید کمی متوقع ہے کی مالیاتی پالیسی کے فیصلے کے بعد ملک میں معاشی صورتحال پر ماہرین نے مختلف آراء کا اظہار کیا ہے اور کہا ہے کہ حکومت کو عوام کو ریلیف فراہم کرنے کے لئے مزید اقدامات کرنے ہوں گے جبکہ وفاقی وزیر نے کہا کہ ملکی معیشت درست سمت میں گامزن ہے اور آنے والے دنوں میں مہنگائی کی شرح میں مزید کمی متوقع ہے
03	بقیہ نمبر
کی مالیاتی پالیسی کے فیصلے کے بعد ملک میں معاشی صورتحال پر ماہرین نے مختلف آراء کا اظہار کیا ہے اور کہا ہے کہ حکومت کو عوام کو ریلیف فراہم کرنے کے لئے مزید اقدامات کرنے ہوں گے جبکہ وفاقی وزیر نے کہا کہ ملکی معیشت درست سمت میں گامزن ہے اور آنے والے دنوں میں مہنگائی کی شرح میں مزید کمی متوقع ہے کی مالیاتی پالیسی کے فیصلے کے بعد ملک میں معاشی صورتحال پر ماہرین نے مختلف آراء کا اظہار کیا ہے اور کہا ہے کہ حکومت کو عوام کو ریلیف فراہم کرنے کے لئے مزید اقدامات کرنے ہوں گے جبکہ وفاقی وزیر نے کہا کہ ملکی معیشت درست سمت میں گامزن ہے اور آنے والے دنوں میں مہنگائی کی شرح میں مزید کمی متوقع ہے
04	بقیہ نمبر
کی مالیاتی پالیسی کے فیصلے کے بعد ملک میں معاشی صورتحال پر ماہرین نے مختلف آراء کا اظہار کیا ہے اور کہا ہے کہ حکومت کو عوام کو ریلیف فراہم کرنے کے لئے مزید اقدامات کرنے ہوں گے جبکہ وفاقی وزیر نے کہا کہ ملکی معیشت درست سمت میں گامزن ہے اور آنے والے دنوں میں مہنگائی کی شرح میں مزید کمی متوقع ہے کی مالیاتی پالیسی کے فیصلے کے بعد ملک میں معاشی صورتحال پر ماہرین نے مختلف آراء کا اظہار کیا ہے اور کہا ہے کہ حکومت کو عوام کو ریلیف فراہم کرنے کے لئے مزید اقدامات کرنے ہوں گے جبکہ وفاقی وزیر نے کہا کہ ملکی معیشت درست سمت میں گامزن ہے اور آنے والے دنوں میں مہنگائی کی شرح میں مزید کمی متوقع ہے
05	بقیہ نمبر
کی مالیاتی پالیسی کے فیصلے کے بعد ملک میں معاشی صورتحال پر ماہرین نے مختلف آراء کا اظہار کیا ہے اور کہا ہے کہ حکومت کو عوام کو ریلیف فراہم کرنے کے لئے مزید اقدامات کرنے ہوں گے جبکہ وفاقی وزیر نے کہا کہ ملکی معیشت درست سمت میں گامزن ہے اور آنے والے دنوں میں مہنگائی کی شرح میں مزید کمی متوقع ہے کی مالیاتی پالیسی کے فیصلے کے بعد ملک میں معاشی صورتحال پر ماہرین نے مختلف آراء کا اظہار کیا ہے اور کہا ہے کہ حکومت کو عوام کو ریلیف فراہم کرنے کے لئے مزید اقدامات کرنے ہوں گے جبکہ وفاقی وزیر نے کہا کہ ملکی معیشت درست سمت میں گامزن ہے اور آنے والے دنوں میں مہنگائی کی شرح میں مزید کمی متوقع ہے
06	بقیہ نمبر
کی مالیاتی پالیسی کے فیصلے کے بعد ملک میں معاشی صورتحال پر ماہرین نے مختلف آراء کا اظہار کیا ہے اور کہا ہے کہ حکومت کو عوام کو ریلیف فراہم کرنے کے لئے مزید اقدامات کرنے ہوں گے جبکہ وفاقی وزیر نے کہا کہ ملکی معیشت درست سمت میں گامزن ہے اور آنے والے دنوں میں مہنگائی کی شرح میں مزید کمی متوقع ہے کی مالیاتی پالیسی کے فیصلے کے بعد ملک میں معاشی صورتحال پر ماہرین نے مختلف آراء کا اظہار کیا ہے اور کہا ہے کہ حکومت کو عوام کو ریلیف فراہم کرنے کے لئے مزید اقدامات کرنے ہوں گے جبکہ وفاقی وزیر نے کہا کہ ملکی معیشت درست سمت میں گامزن ہے اور آنے والے دنوں میں مہنگائی کی شرح میں مزید کمی متوقع ہے
